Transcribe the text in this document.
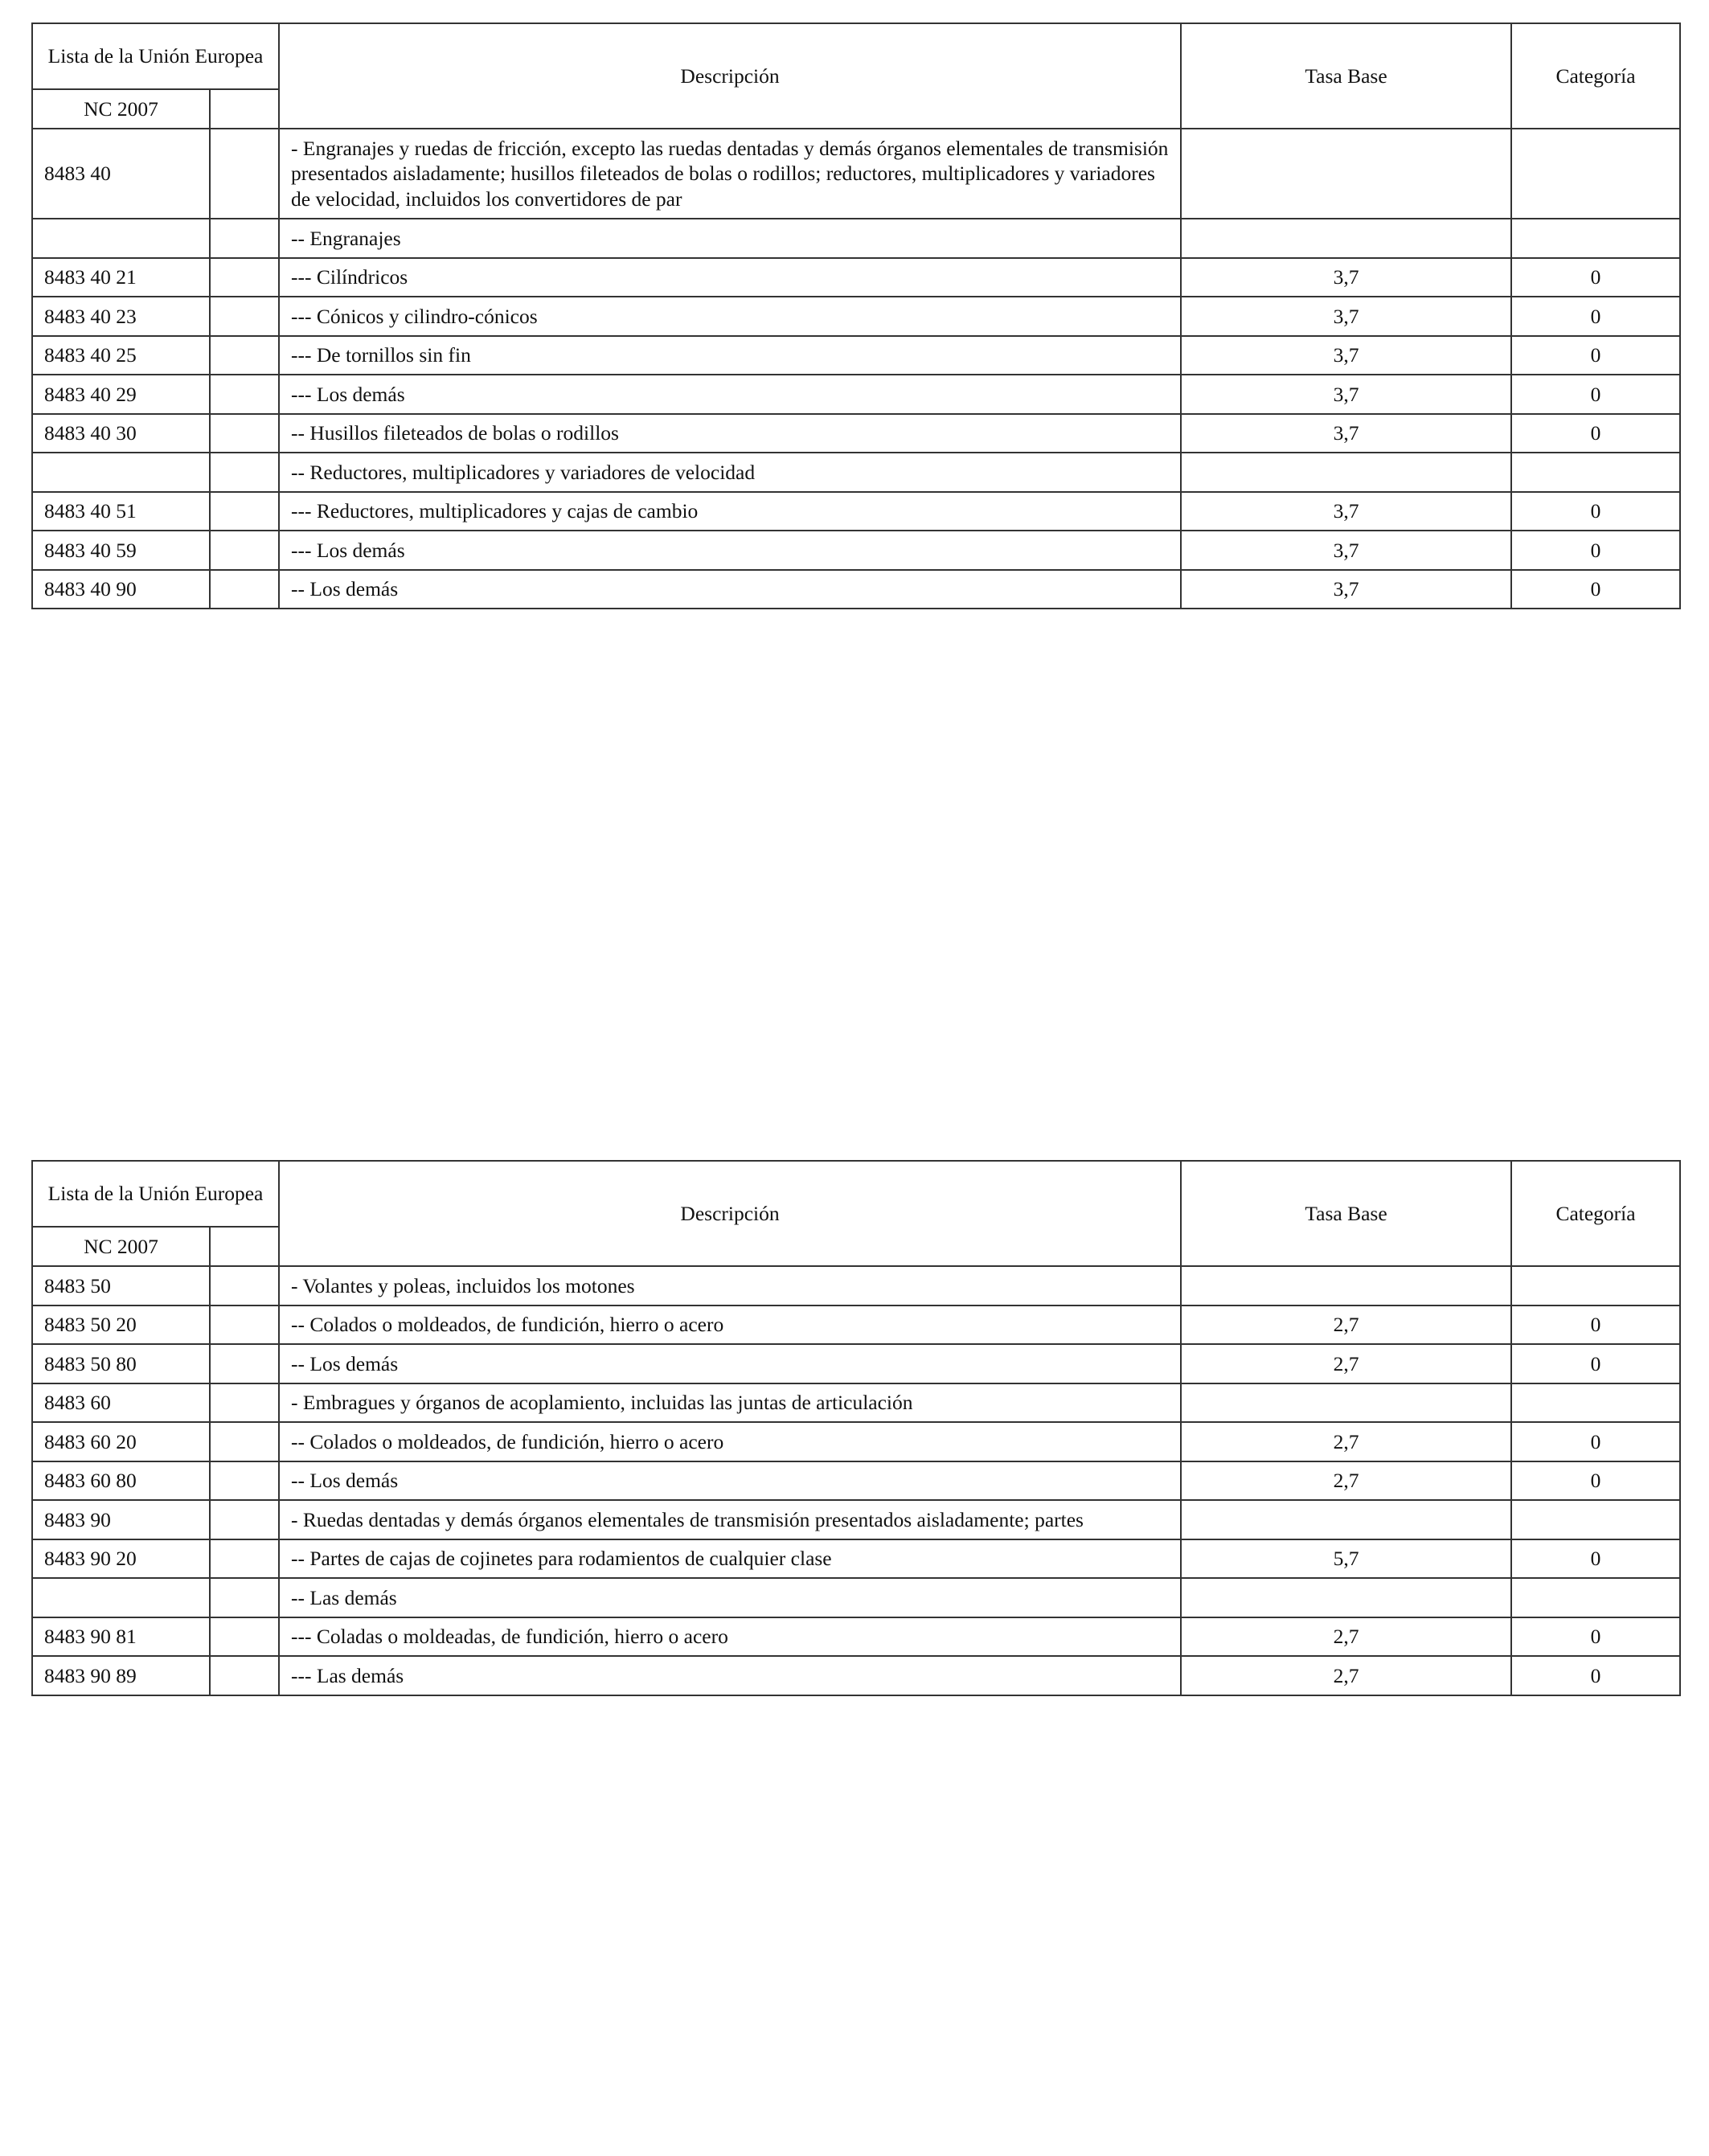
Lista de la Unión Europea		Descripción	Tasa Base	Categoría
NC 2007				
8483 40		- Engranajes y ruedas de fricción, excepto las ruedas dentadas y demás órganos elementales de transmisión presentados aisladamente; husillos fileteados de bolas o rodillos; reductores, multiplicadores y variadores de velocidad, incluidos los convertidores de par		
		-- Engranajes		
8483 40 21		--- Cilíndricos	3,7	0
8483 40 23		--- Cónicos y cilindro-cónicos	3,7	0
8483 40 25		--- De tornillos sin fin	3,7	0
8483 40 29		--- Los demás	3,7	0
8483 40 30		-- Husillos fileteados de bolas o rodillos	3,7	0
		-- Reductores, multiplicadores y variadores de velocidad		
8483 40 51		--- Reductores, multiplicadores y cajas de cambio	3,7	0
8483 40 59		--- Los demás	3,7	0
8483 40 90		-- Los demás	3,7	0
Lista de la Unión Europea		Descripción	Tasa Base	Categoría
NC 2007				
8483 50		- Volantes y poleas, incluidos los motones		
8483 50 20		-- Colados o moldeados, de fundición, hierro o acero	2,7	0
8483 50 80		-- Los demás	2,7	0
8483 60		- Embragues y órganos de acoplamiento, incluidas las juntas de articulación		
8483 60 20		-- Colados o moldeados, de fundición, hierro o acero	2,7	0
8483 60 80		-- Los demás	2,7	0
8483 90		- Ruedas dentadas y demás órganos elementales de transmisión presentados aisladamente; partes		
8483 90 20		-- Partes de cajas de cojinetes para rodamientos de cualquier clase	5,7	0
		-- Las demás		
8483 90 81		--- Coladas o moldeadas, de fundición, hierro o acero	2,7	0
8483 90 89		--- Las demás	2,7	0
